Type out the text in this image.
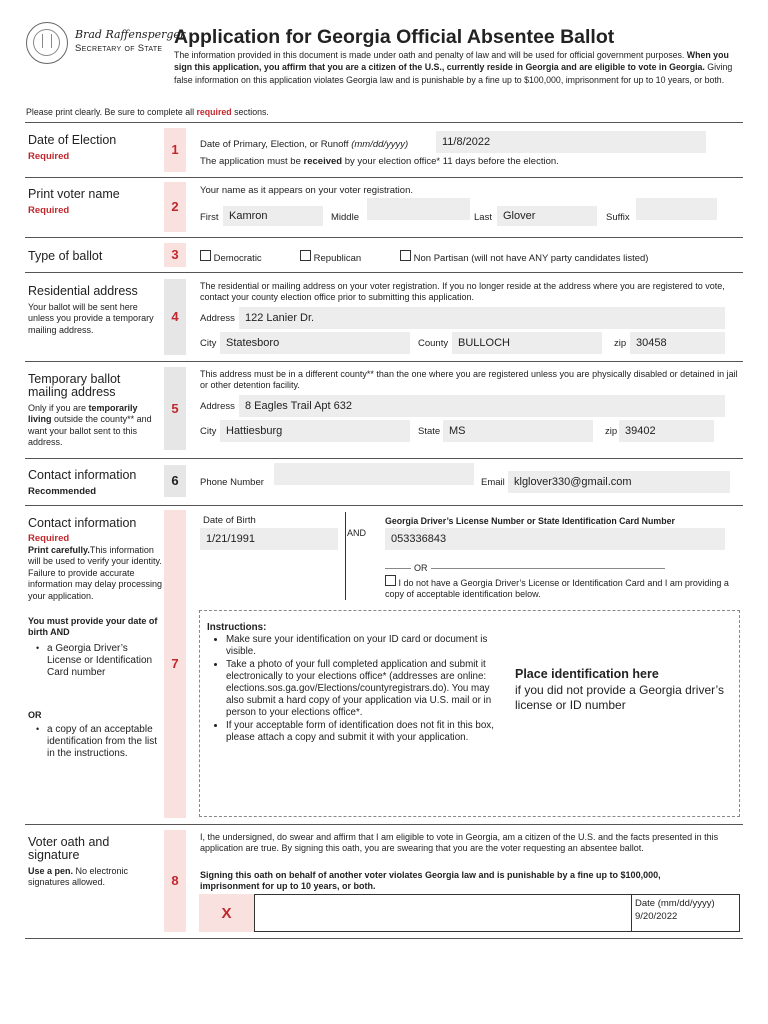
Brad Raffensperger
Secretary of State
Application for Georgia Official Absentee Ballot
The information provided in this document is made under oath and penalty of law and will be used for official government purposes. When you sign this application, you affirm that you are a citizen of the U.S., currently reside in Georgia and are eligible to vote in Georgia. Giving false information on this application violates Georgia law and is punishable by a fine up to $100,000, imprisonment for up to 10 years, or both.
Please print clearly. Be sure to complete all required sections.
Date of Election
Required	1	Date of Primary, Election, or Runoff (mm/dd/yyyy)	11/8/2022
The application must be received by your election office* 11 days before the election.
Print voter name
Required	2
Your name as it appears on your voter registration.
First Kamron	Middle	Last	Glover	Suffix
Type of ballot	3	Democratic	Republican	Non Partisan (will not have ANY party candidates listed)
Residential address
Your ballot will be sent here unless you provide a temporary mailing address.
4
The residential or mailing address on your voter registration. If you no longer reside at the address where you are registered to vote, contact your county election office prior to submitting this application.
Address 122 Lanier Dr.
City Statesboro	County BULLOCH	zip 30458
Temporary ballot mailing address
Only if you are temporarily living outside the county** and want your ballot sent to this address.
5
This address must be in a different county** than the one where you are registered unless you are physically disabled or detained in jail or other detention facility.
Address 8 Eagles Trail Apt 632
City Hattiesburg	State MS	zip 39402
Contact information
Recommended
6	Phone Number	Email klglover330@gmail.com
Contact information
Required
Print carefully.This information will be used to verify your identity. Failure to provide accurate information may delay processing your application.
You must provide your date of birth AND
• a Georgia Driver’s License or Identification Card number
OR
• a copy of an acceptable identification from the list in the instructions.
7
Date of Birth
1/21/1991	AND
Georgia Driver’s License Number or State Identification Card Number
053336843
OR
I do not have a Georgia Driver’s License or Identification Card and I am providing a copy of acceptable identification below.
Instructions:
• Make sure your identification on your ID card or document is visible.
• Take a photo of your full completed application and submit it electronically to your elections office* (addresses are online: elections.sos.ga.gov/Elections/countyregistrars.do). You may also submit a hard copy of your application via U.S. mail or in person to your elections office*.
• If your acceptable form of identification does not fit in this box, please attach a copy and submit it with your application.
Place identification here
if you did not provide a Georgia driver’s license or ID number
Voter oath and signature
Use a pen. No electronic signatures allowed.	8
I, the undersigned, do swear and affirm that I am eligible to vote in Georgia, am a citizen of the U.S. and the facts presented in this application are true. By signing this oath, you are swearing that you are the voter requesting an absentee ballot.
Signing this oath on behalf of another voter violates Georgia law and is punishable by a fine up to $100,000, imprisonment for up to 10 years, or both.
X
Date (mm/dd/yyyy)
9/20/2022
